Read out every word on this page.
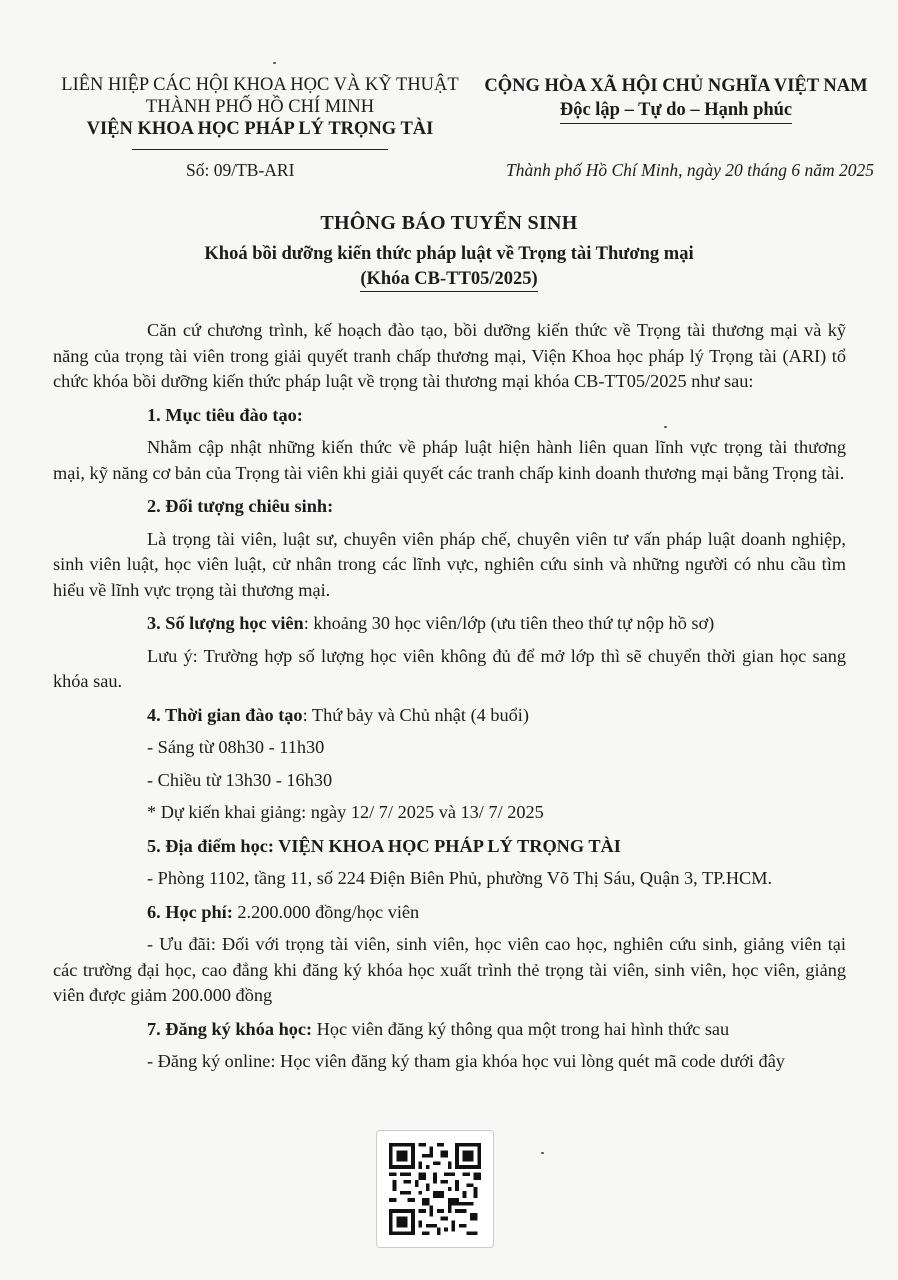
LIÊN HIỆP CÁC HỘI KHOA HỌC VÀ KỸ THUẬT
THÀNH PHỐ HỒ CHÍ MINH
VIỆN KHOA HỌC PHÁP LÝ TRỌNG TÀI
CỘNG HÒA XÃ HỘI CHỦ NGHĨA VIỆT NAM
Độc lập – Tự do – Hạnh phúc
Số: 09/TB-ARI	Thành phố Hồ Chí Minh, ngày 20 tháng 6 năm 2025
THÔNG BÁO TUYỂN SINH
Khoá bồi dưỡng kiến thức pháp luật về Trọng tài Thương mại
(Khóa CB-TT05/2025)

Căn cứ chương trình, kế hoạch đào tạo, bồi dưỡng kiến thức về Trọng tài thương mại và kỹ năng của trọng tài viên trong giải quyết tranh chấp thương mại, Viện Khoa học pháp lý Trọng tài (ARI) tổ chức khóa bồi dưỡng kiến thức pháp luật về trọng tài thương mại khóa CB-TT05/2025 như sau:

1. Mục tiêu đào tạo:

Nhằm cập nhật những kiến thức về pháp luật hiện hành liên quan lĩnh vực trọng tài thương mại, kỹ năng cơ bản của Trọng tài viên khi giải quyết các tranh chấp kinh doanh thương mại bằng Trọng tài.

2. Đối tượng chiêu sinh:

Là trọng tài viên, luật sư, chuyên viên pháp chế, chuyên viên tư vấn pháp luật doanh nghiệp, sinh viên luật, học viên luật, cử nhân trong các lĩnh vực, nghiên cứu sinh và những người có nhu cầu tìm hiểu về lĩnh vực trọng tài thương mại.

3. Số lượng học viên: khoảng 30 học viên/lớp (ưu tiên theo thứ tự nộp hồ sơ)

Lưu ý: Trường hợp số lượng học viên không đủ để mở lớp thì sẽ chuyển thời gian học sang khóa sau.

4. Thời gian đào tạo: Thứ bảy và Chủ nhật (4 buổi)

- Sáng từ 08h30 - 11h30

- Chiều từ 13h30 - 16h30

* Dự kiến khai giảng: ngày 12/ 7/ 2025 và 13/ 7/ 2025

5. Địa điểm học: VIỆN KHOA HỌC PHÁP LÝ TRỌNG TÀI

- Phòng 1102, tầng 11, số 224 Điện Biên Phủ, phường Võ Thị Sáu, Quận 3, TP.HCM.

6. Học phí: 2.200.000 đồng/học viên

- Ưu đãi: Đối với trọng tài viên, sinh viên, học viên cao học, nghiên cứu sinh, giảng viên tại các trường đại học, cao đẳng khi đăng ký khóa học xuất trình thẻ trọng tài viên, sinh viên, học viên, giảng viên được giảm 200.000 đồng

7. Đăng ký khóa học: Học viên đăng ký thông qua một trong hai hình thức sau

- Đăng ký online: Học viên đăng ký tham gia khóa học vui lòng quét mã code dưới đây
